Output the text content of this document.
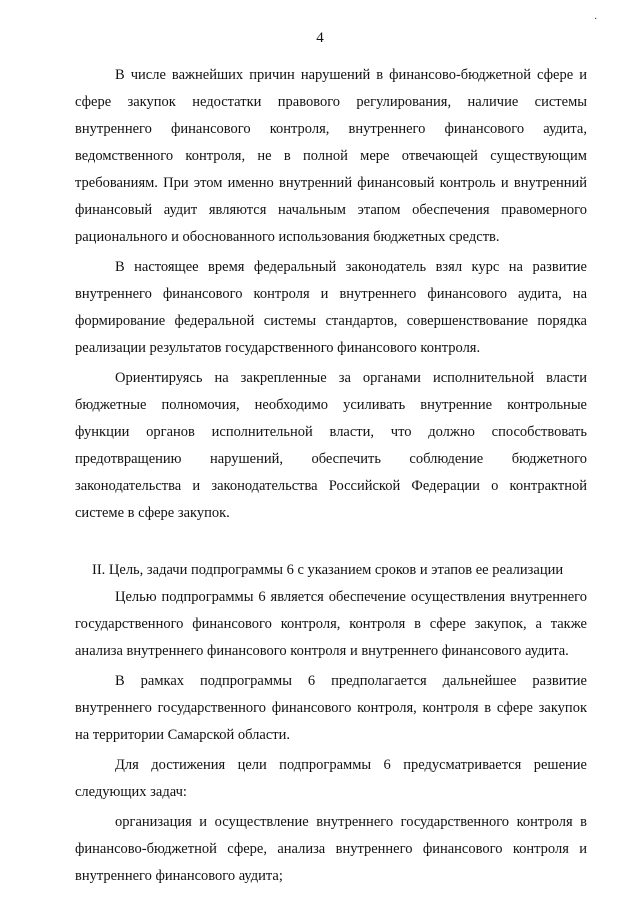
·
4

В числе важнейших причин нарушений в финансово-бюджетной сфере и сфере закупок недостатки правового регулирования, наличие системы внутреннего финансового контроля, внутреннего финансового аудита, ведомственного контроля, не в полной мере отвечающей существующим требованиям. При этом именно внутренний финансовый контроль и внутренний финансовый аудит являются начальным этапом обеспечения правомерного рационального и обоснованного использования бюджетных средств.

В настоящее время федеральный законодатель взял курс на развитие внутреннего финансового контроля и внутреннего финансового аудита, на формирование федеральной системы стандартов, совершенствование порядка реализации результатов государственного финансового контроля.

Ориентируясь на закрепленные за органами исполнительной власти бюджетные полномочия, необходимо усиливать внутренние контрольные функции органов исполнительной власти, что должно способствовать предотвращению нарушений, обеспечить соблюдение бюджетного законодательства и законодательства Российской Федерации о контрактной системе в сфере закупок.

II. Цель, задачи подпрограммы 6 с указанием сроков и этапов ее реализации

Целью подпрограммы 6 является обеспечение осуществления внутреннего государственного финансового контроля, контроля в сфере закупок, а также анализа внутреннего финансового контроля и внутреннего финансового аудита.

В рамках подпрограммы 6 предполагается дальнейшее развитие внутреннего государственного финансового контроля, контроля в сфере закупок на территории Самарской области.

Для достижения цели подпрограммы 6 предусматривается решение следующих задач:

организация и осуществление внутреннего государственного контроля в финансово-бюджетной сфере, анализа внутреннего финансового контроля и внутреннего финансового аудита;
